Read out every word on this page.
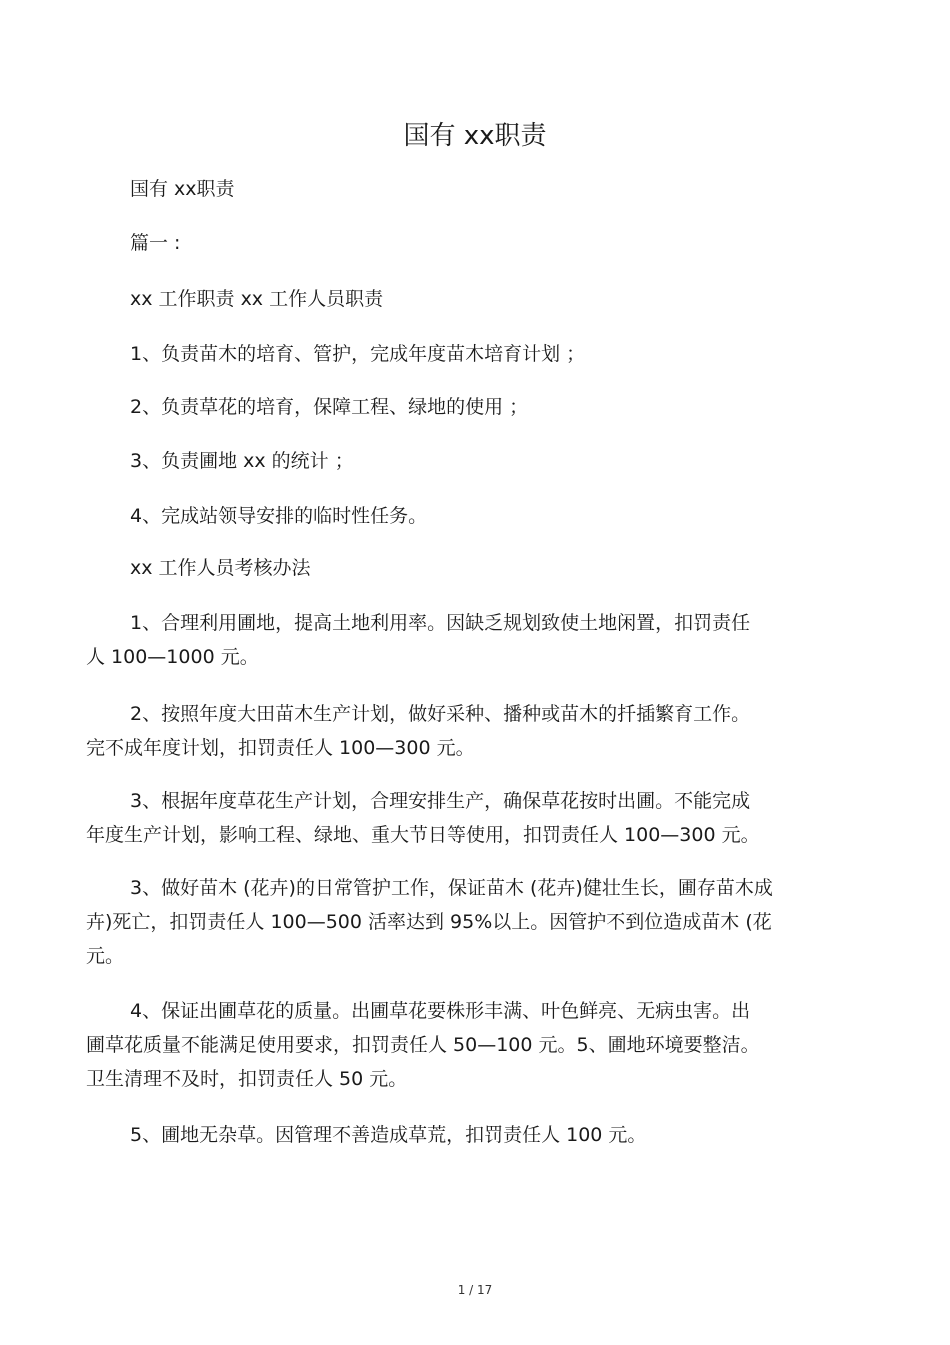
国有 xx职责
国有 xx职责
篇一 :
xx 工作职责 xx 工作人员职责
1、负责苗木的培育、管护，完成年度苗木培育计划 ；
2、负责草花的培育，保障工程、绿地的使用 ；
3、负责圃地 xx 的统计 ；
4、完成站领导安排的临时性任务。
xx 工作人员考核办法
1、合理利用圃地，提高土地利用率。因缺乏规划致使土地闲置，扣罚责任
人 100—1000 元。
2、按照年度大田苗木生产计划，做好采种、播种或苗木的扦插繁育工作。
完不成年度计划，扣罚责任人 100—300 元。
3、根据年度草花生产计划，合理安排生产，确保草花按时出圃。不能完成
年度生产计划，影响工程、绿地、重大节日等使用，扣罚责任人 100—300 元。
3、做好苗木 (花卉)的日常管护工作，保证苗木 (花卉)健壮生长，圃存苗木成
卉)死亡，扣罚责任人 100—500 活率达到 95%以上。因管护不到位造成苗木 (花
元。
4、保证出圃草花的质量。出圃草花要株形丰满、叶色鲜亮、无病虫害。出
圃草花质量不能满足使用要求，扣罚责任人 50—100 元。5、圃地环境要整洁。
卫生清理不及时，扣罚责任人 50 元。
5、圃地无杂草。因管理不善造成草荒，扣罚责任人 100 元。
1 / 17
